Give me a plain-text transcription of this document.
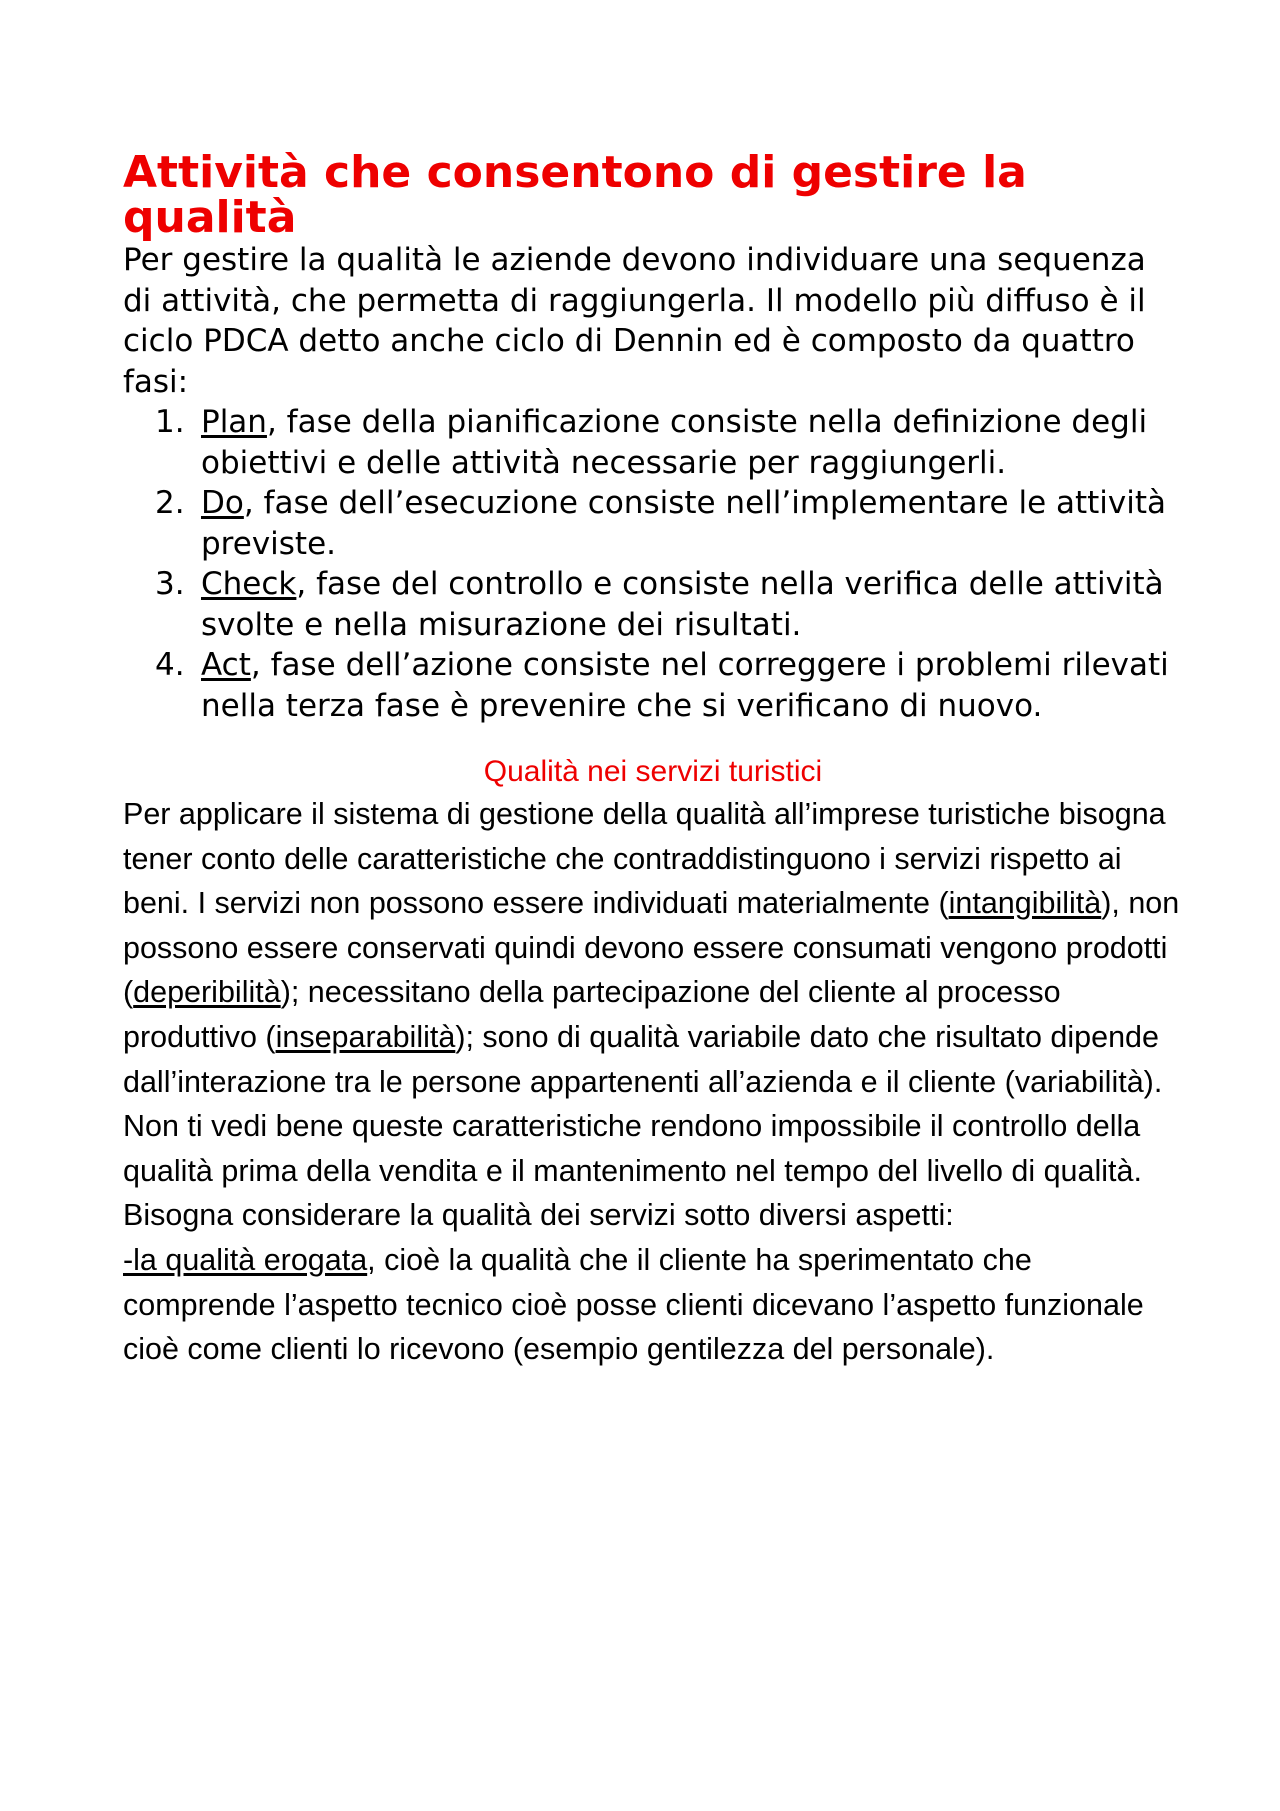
Attività che consentono di gestire la qualità

Per gestire la qualità le aziende devono individuare una sequenza di attività, che permetta di raggiungerla. Il modello più diffuso è il ciclo PDCA detto anche ciclo di Dennin ed è composto da quattro fasi:

1. Plan, fase della pianificazione consiste nella definizione degli obiettivi e delle attività necessarie per raggiungerli.
2. Do, fase dell’esecuzione consiste nell’implementare le attività previste.
3. Check, fase del controllo e consiste nella verifica delle attività svolte e nella misurazione dei risultati.
4. Act, fase dell’azione consiste nel correggere i problemi rilevati nella terza fase è prevenire che si verificano di nuovo.
Qualità nei servizi turistici

Per applicare il sistema di gestione della qualità all’imprese turistiche bisogna tener conto delle caratteristiche che contraddistinguono i servizi rispetto ai beni. I servizi non possono essere individuati materialmente (intangibilità), non possono essere conservati quindi devono essere consumati vengono prodotti (deperibilità); necessitano della partecipazione del cliente al processo produttivo (inseparabilità); sono di qualità variabile dato che risultato dipende dall’interazione tra le persone appartenenti all’azienda e il cliente (variabilità). Non ti vedi bene queste caratteristiche rendono impossibile il controllo della qualità prima della vendita e il mantenimento nel tempo del livello di qualità. Bisogna considerare la qualità dei servizi sotto diversi aspetti:

-la qualità erogata, cioè la qualità che il cliente ha sperimentato che comprende l’aspetto tecnico cioè posse clienti dicevano l’aspetto funzionale cioè come clienti lo ricevono (esempio gentilezza del personale).
